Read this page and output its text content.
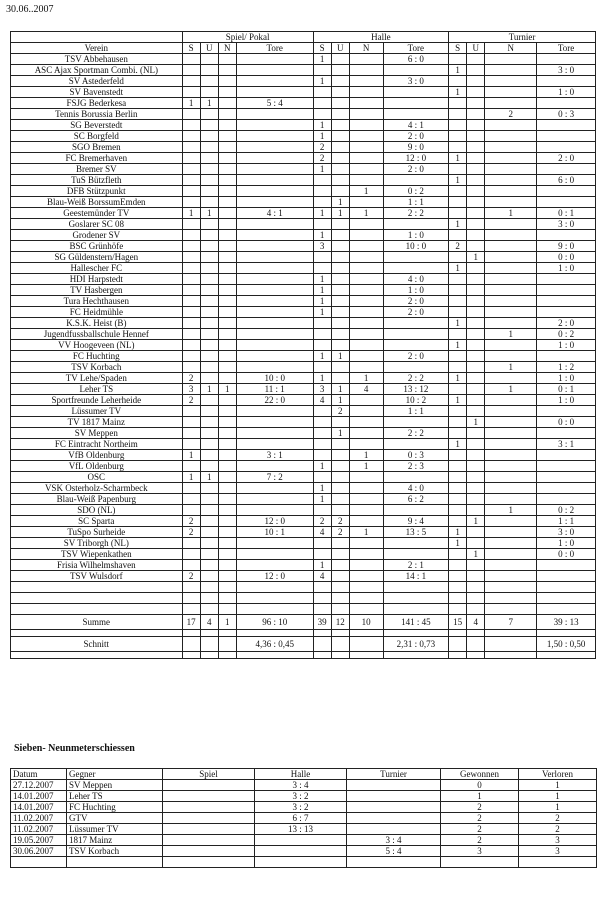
30.06..2007
	Spiel/ Pokal				Halle				Turnier			
Verein	S	U	N	Tore	S	U	N	Tore	S	U	N	Tore
TSV Abbehausen					1			6 : 0				
ASC Ajax Sportman Combi. (NL)									1			3 : 0
SV Astederfeld					1			3 : 0				
SV Bavenstedt									1			1 : 0
FSJG Bederkesa	1	1		5 : 4								
Tennis Borussia Berlin											2	0 : 3
SG Beverstedt					1			4 : 1				
SC Borgfeld					1			2 : 0				
SGO Bremen					2			9 : 0				
FC Bremerhaven					2			12 : 0	1			2 : 0
Bremer SV					1			2 : 0				
TuS Bützfleth									1			6 : 0
DFB Stützpunkt							1	0 : 2				
Blau-Weiß BorssumEmden						1		1 : 1				
Geestemünder TV	1	1		4 : 1	1	1	1	2 : 2			1	0 : 1
Goslarer SC 08									1			3 : 0
Grodener SV					1			1 : 0				
BSC Grünhöfe					3			10 : 0	2			9 : 0
SG Güldenstern/Hagen										1		0 : 0
Hallescher FC									1			1 : 0
HDI Harpstedt					1			4 : 0				
TV Hasbergen					1			1 : 0				
Tura Hechthausen					1			2 : 0				
FC Heidmühle					1			2 : 0				
K.S.K. Heist (B)									1			2 : 0
Jugendfussballschule Hennef											1	0 : 2
VV Hoogeveen (NL)									1			1 : 0
FC Huchting					1	1		2 : 0				
TSV Korbach											1	1 : 2
TV Lehe/Spaden	2			10 : 0	1		1	2 : 2	1			1 : 0
Leher TS	3	1	1	11 : 1	3	1	4	13 : 12			1	0 : 1
Sportfreunde Leherheide	2			22 : 0	4	1		10 : 2	1			1 : 0
Lüssumer TV						2		1 : 1				
TV 1817 Mainz										1		0 : 0
SV Meppen						1		2 : 2				
FC Eintracht Northeim									1			3 : 1
VfB Oldenburg	1			3 : 1			1	0 : 3				
VfL Oldenburg					1		1	2 : 3				
OSC	1	1		7 : 2								
VSK Osterholz-Scharmbeck					1			4 : 0				
Blau-Weiß Papenburg					1			6 : 2				
SDO (NL)											1	0 : 2
SC Sparta	2			12 : 0	2	2		9 : 4		1		1 : 1
TuSpo Surheide	2			10 : 1	4	2	1	13 : 5	1			3 : 0
SV Triborgh (NL)									1			1 : 0
TSV Wiepenkathen										1		0 : 0
Frisia Wilhelmshaven					1			2 : 1				
TSV Wulsdorf	2			12 : 0	4			14 : 1				

Summe	17	4	1	96 : 10	39	12	10	141 : 45	15	4	7	39 : 13

Schnitt				4,36 : 0,45				2,31 : 0,73				1,50 : 0,50

Sieben- Neunmeterschiessen
Datum	Gegner	Spiel	Halle	Turnier	Gewonnen	Verloren
27.12.2007	SV Meppen		3 : 4		0	1
14.01.2007	Leher TS		3 : 2		1	1
14.01.2007	FC Huchting		3 : 2		2	1
11.02.2007	GTV		6 : 7		2	2
11.02.2007	Lüssumer TV		13 : 13		2	2
19.05.2007	1817 Mainz			3 : 4	2	3
30.06.2007	TSV Korbach			5 : 4	3	3
